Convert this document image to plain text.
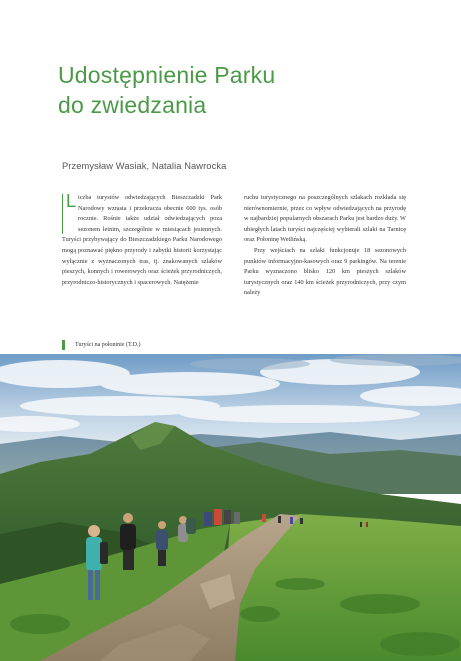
Udostępnienie Parku
do zwiedzania
Przemysław Wasiak, Natalia Nawrocka
L iczba turystów odwiedzających Bieszczadzki Park Narodowy wzrasta i przekracza obecnie 600 tys. osób rocznie. Rośnie także udział odwiedzających poza sezonem letnim, szczególnie w miesiącach jesiennych. Turyści przybywający do Bieszczadzkiego Parku Narodowego mogą poznawać piękno przyrody i zabytki historii korzystając wyłącznie z wyznaczonych tras, tj. znakowanych szlaków pieszych, konnych i rowerowych oraz ścieżek przyrodniczych, przyrodniczo-historycznych i spacerowych. Natężenie

ruchu turystycznego na poszczególnych szlakach rozkłada się nierównomiernie, przez co wpływ odwiedzających na przyrodę w najbardziej popularnych obszarach Parku jest bardzo duży. W ubiegłych latach turyści najczęściej wybierali szlaki na Tarnicę oraz Połoninę Wetlińską.

Przy wejściach na szlaki funkcjonuje 18 sezonowych punktów informacyjno-kasowych oraz 9 parkingów. Na terenie Parku wyznaczono blisko 120 km pieszych szlaków turystycznych oraz 140 km ścieżek przyrodniczych, przy czym należy

Turyści na połoninie (T.D.)
